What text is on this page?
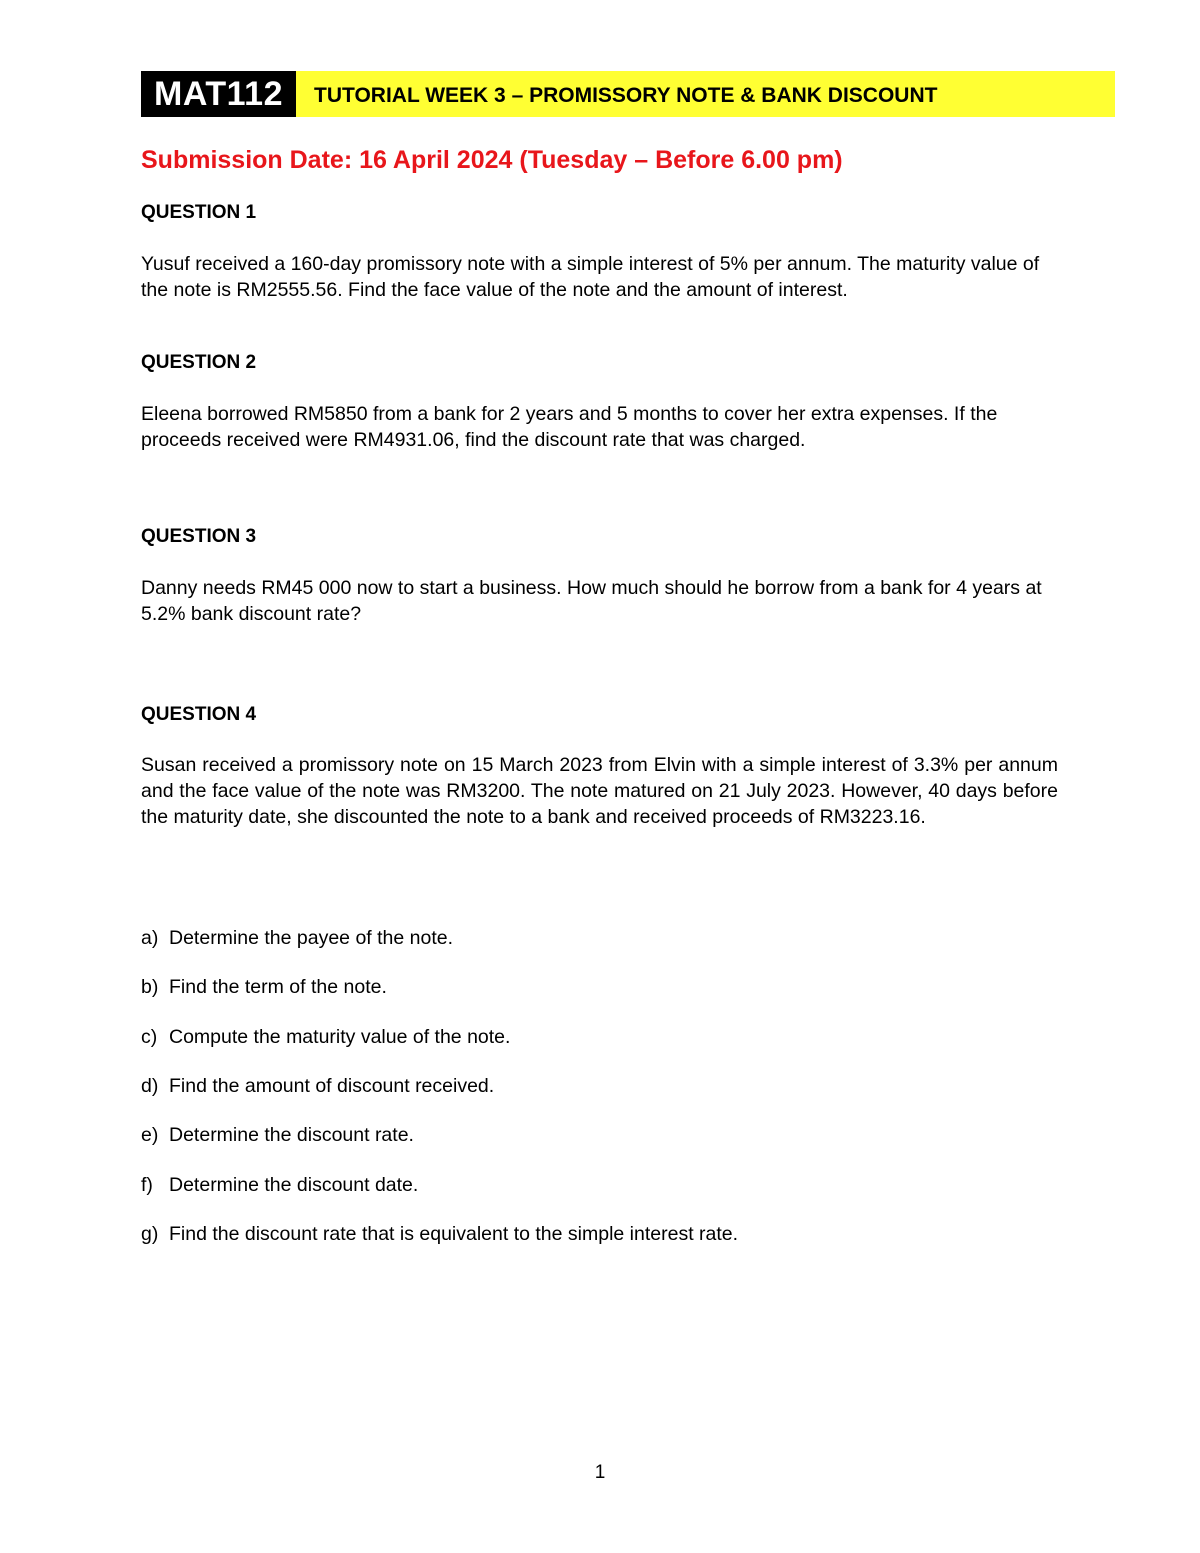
MAT112	TUTORIAL WEEK 3 – PROMISSORY NOTE & BANK DISCOUNT
Submission Date: 16 April 2024 (Tuesday – Before 6.00 pm)
QUESTION 1
Yusuf received a 160-day promissory note with a simple interest of 5% per annum. The maturity value of the note is RM2555.56. Find the face value of the note and the amount of interest.
QUESTION 2
Eleena borrowed RM5850 from a bank for 2 years and 5 months to cover her extra expenses. If the proceeds received were RM4931.06, find the discount rate that was charged.
QUESTION 3
Danny needs RM45 000 now to start a business. How much should he borrow from a bank for 4 years at 5.2% bank discount rate?
QUESTION 4
Susan received a promissory note on 15 March 2023 from Elvin with a simple interest of 3.3% per annum and the face value of the note was RM3200. The note matured on 21 July 2023. However, 40 days before the maturity date, she discounted the note to a bank and received proceeds of RM3223.16.
a) Determine the payee of the note.
b) Find the term of the note.
c) Compute the maturity value of the note.
d) Find the amount of discount received.
e) Determine the discount rate.
f) Determine the discount date.
g) Find the discount rate that is equivalent to the simple interest rate.
1
